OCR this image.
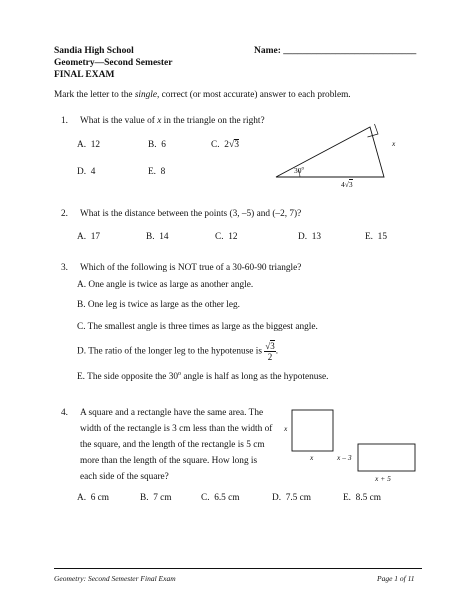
Sandia High School
Geometry—Second Semester
FINAL EXAM
Name: ____________________________
Mark the letter to the single, correct (or most accurate) answer to each problem.
1. What is the value of x in the triangle on the right?
A. 12	B. 6	C. 2√3
D. 4	E. 8
x
30$^o$
4√3
2. What is the distance between the points (3, –5) and (–2, 7)?
A. 17	B. 14	C. 12	D. 13	E. 15
3. Which of the following is NOT true of a 30-60-90 triangle?
A. One angle is twice as large as another angle.
B. One leg is twice as large as the other leg.
C. The smallest angle is three times as large as the biggest angle.
D. The ratio of the longer leg to the hypotenuse is $\frac{√3}{2}$ .
E. The side opposite the 30$^o$ angle is half as long as the hypotenuse.
4. A square and a rectangle have the same area. The
width of the rectangle is 3 cm less than the width of
the square, and the length of the rectangle is 5 cm
more than the length of the square. How long is
each side of the square?
A. 6 cm	B. 7 cm	C. 6.5 cm	D. 7.5 cm	E. 8.5 cm
x
x	x – 3
x + 5
Geometry: Second Semester Final Exam	Page 1 of 11
